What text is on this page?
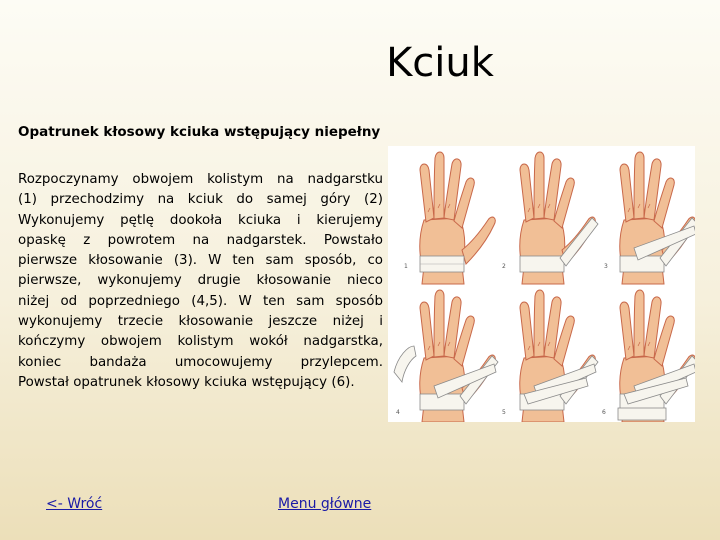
Kciuk
Opatrunek kłosowy kciuka wstępujący niepełny
Rozpoczynamy obwojem kolistym na nadgarstku
(1) przechodzimy na kciuk do samej góry (2)
Wykonujemy pętlę dookoła kciuka i kierujemy
opaskę z powrotem na nadgarstek. Powstało
pierwsze kłosowanie (3). W ten sam sposób, co
pierwsze, wykonujemy drugie kłosowanie nieco
niżej od poprzedniego (4,5). W ten sam sposób
wykonujemy trzecie kłosowanie jeszcze niżej i
kończymy obwojem kolistym wokół nadgarstka,
koniec bandaża umocowujemy przylepcem.
Powstał opatrunek kłosowy kciuka wstępujący (6).
1	2	3
4	5	6
<- Wróć	Menu główne
